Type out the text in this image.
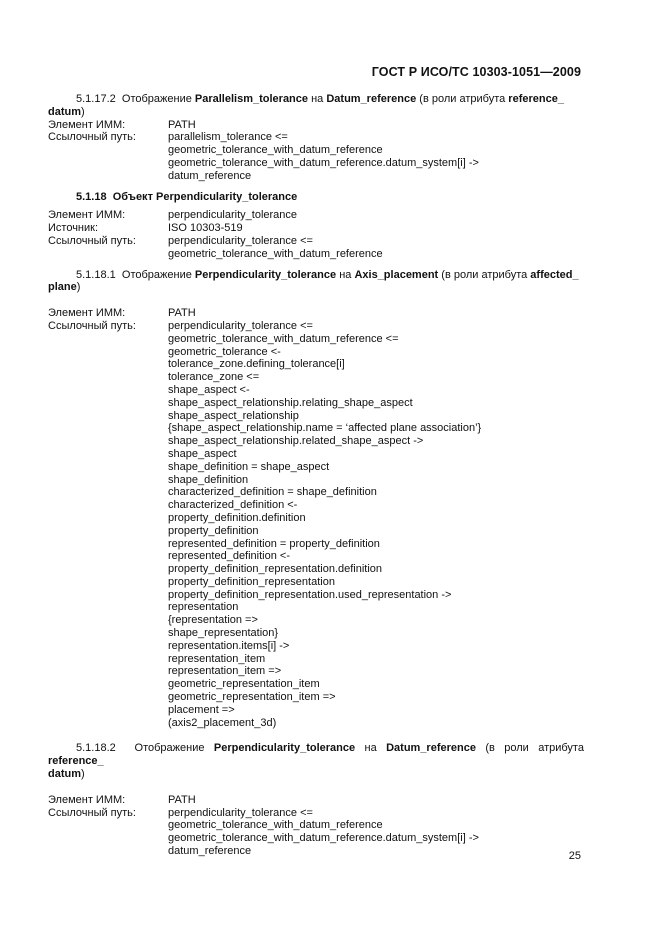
ГОСТ Р ИСО/ТС 10303-1051—2009

5.1.17.2 Отображение Parallelism_tolerance на Datum_reference (в роли атрибута reference_
datum)

Элемент ИММ:	PATH
Ссылочный путь:	parallelism_tolerance <=
geometric_tolerance_with_datum_reference
geometric_tolerance_with_datum_reference.datum_system[i] ->
datum_reference

5.1.18 Объект Perpendicularity_tolerance

Элемент ИММ:	perpendicularity_tolerance
Источник:	ISO 10303-519
Ссылочный путь:	perpendicularity_tolerance <=
geometric_tolerance_with_datum_reference

5.1.18.1 Отображение Perpendicularity_tolerance на Axis_placement (в роли атрибута affected_
plane)

Элемент ИММ:	PATH
Ссылочный путь:	perpendicularity_tolerance <=
geometric_tolerance_with_datum_reference <=
geometric_tolerance <-
tolerance_zone.defining_tolerance[i]
tolerance_zone <=
shape_aspect <-
shape_aspect_relationship.relating_shape_aspect
shape_aspect_relationship
{shape_aspect_relationship.name = ‘affected plane association’}
shape_aspect_relationship.related_shape_aspect ->
shape_aspect
shape_definition = shape_aspect
shape_definition
characterized_definition = shape_definition
characterized_definition <-
property_definition.definition
property_definition
represented_definition = property_definition
represented_definition <-
property_definition_representation.definition
property_definition_representation
property_definition_representation.used_representation ->
representation
{representation =>
shape_representation}
representation.items[i] ->
representation_item
representation_item =>
geometric_representation_item
geometric_representation_item =>
placement =>
(axis2_placement_3d)

5.1.18.2 Отображение Perpendicularity_tolerance на Datum_reference (в роли атрибута reference_
datum)

Элемент ИММ:	PATH
Ссылочный путь:	perpendicularity_tolerance <=
geometric_tolerance_with_datum_reference
geometric_tolerance_with_datum_reference.datum_system[i] ->
datum_reference	25
